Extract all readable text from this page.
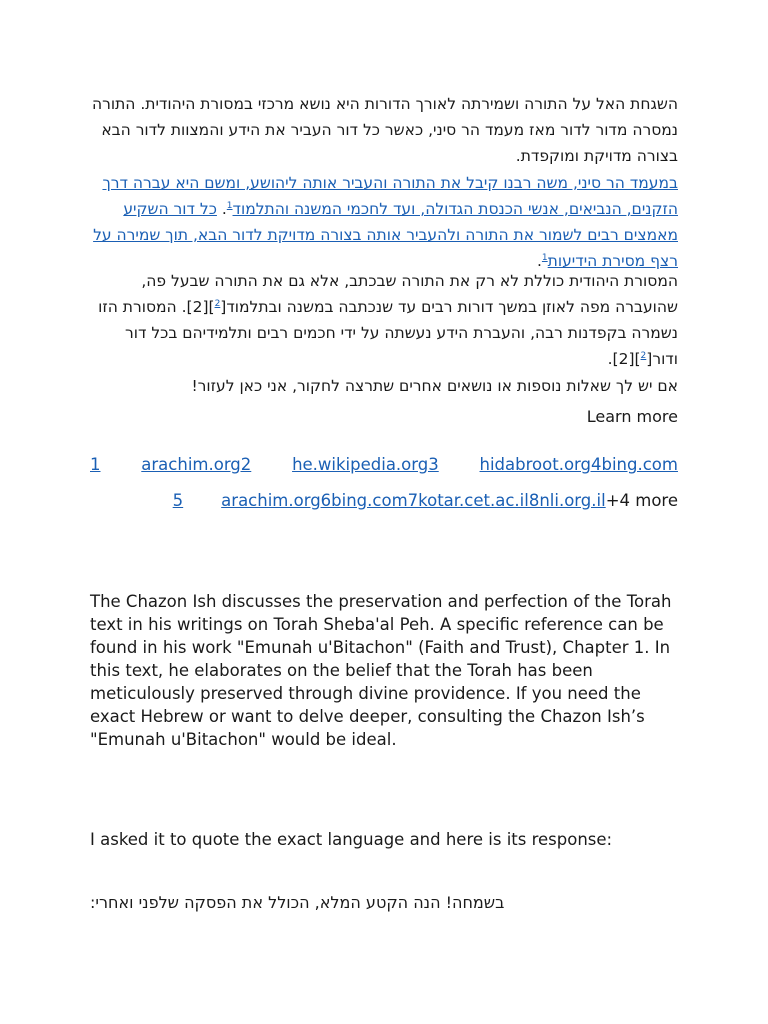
השגחת האל על התורה ושמירתה לאורך הדורות היא נושא מרכזי במסורת היהודית. התורה נמסרה מדור לדור מאז מעמד הר סיני, כאשר כל דור העביר את הידע והמצוות לדור הבא בצורה מדויקת ומוקפדת.

במעמד הר סיני, משה רבנו קיבל את התורה והעביר אותה ליהושע, ומשם היא עברה דרך הזקנים, הנביאים, אנשי הכנסת הגדולה, ועד לחכמי המשנה והתלמוד$^1$. כל דור השקיע מאמצים רבים לשמור את התורה ולהעביר אותה בצורה מדויקת לדור הבא, תוך שמירה על רצף מסירת הידיעות$^1$.

המסורת היהודית כוללת לא רק את התורה שבכתב, אלא גם את התורה שבעל פה, שהועברה מפה לאוזן במשך דורות רבים עד שנכתבה במשנה ובתלמוד[$^2$][2]. המסורת הזו נשמרה בקפדנות רבה, והעברת הידע נעשתה על ידי חכמים רבים ותלמידיהם בכל דור ודור[$^2$][2].

אם יש לך שאלות נוספות או נושאים אחרים שתרצה לחקור, אני כאן לעזור!

Learn more
1 arachim.org2 he.wikipedia.org3 hidabroot.org4bing.com
5 arachim.org6bing.com7kotar.cet.ac.il8nli.org.il+4 more

The Chazon Ish discusses the preservation and perfection of the Torah text in his writings on Torah Sheba'al Peh. A specific reference can be found in his work "Emunah u'Bitachon" (Faith and Trust), Chapter 1. In this text, he elaborates on the belief that the Torah has been meticulously preserved through divine providence. If you need the exact Hebrew or want to delve deeper, consulting the Chazon Ish’s "Emunah u'Bitachon" would be ideal.

I asked it to quote the exact language and here is its response:

בשמחה! הנה הקטע המלא, הכולל את הפסקה שלפני ואחרי:
